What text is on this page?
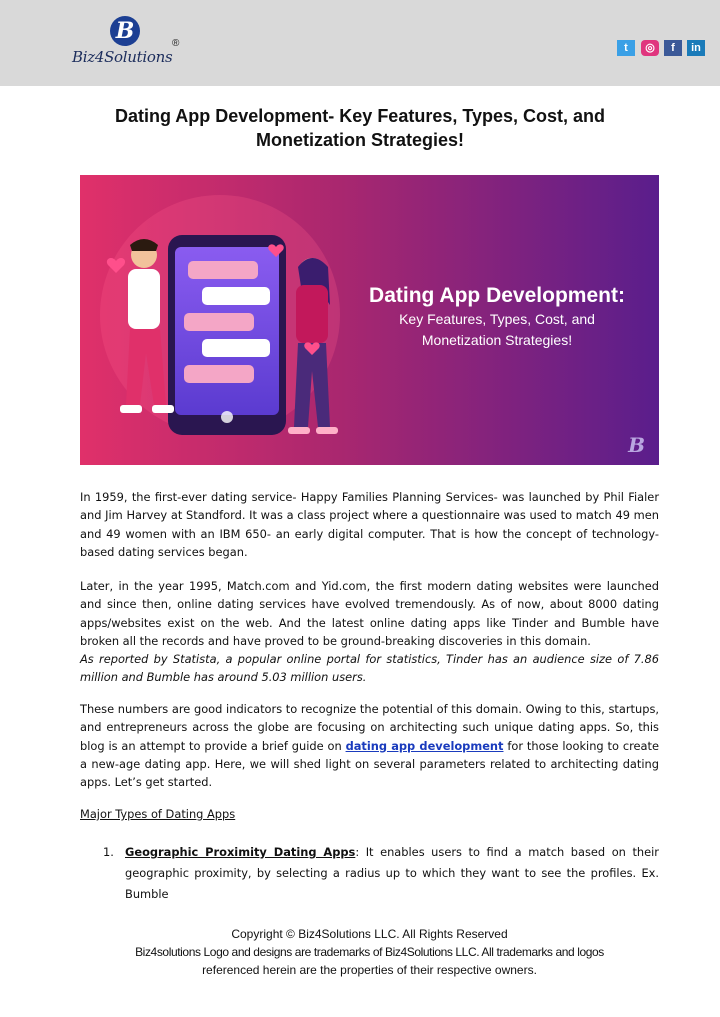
B
Biz4Solutions
®	t	◎	f	in
Dating App Development- Key Features, Types, Cost, and Monetization Strategies!
Dating App Development:
Key Features, Types, Cost, and
Monetization Strategies!
B

In 1959, the first-ever dating service- Happy Families Planning Services- was launched by Phil Fialer and Jim Harvey at Standford. It was a class project where a questionnaire was used to match 49 men and 49 women with an IBM 650- an early digital computer. That is how the concept of technology-based dating services began.

Later, in the year 1995, Match.com and Yid.com, the first modern dating websites were launched and since then, online dating services have evolved tremendously. As of now, about 8000 dating apps/websites exist on the web. And the latest online dating apps like Tinder and Bumble have broken all the records and have proved to be ground-breaking discoveries in this domain.
As reported by Statista, a popular online portal for statistics, Tinder has an audience size of 7.86 million and Bumble has around 5.03 million users.

These numbers are good indicators to recognize the potential of this domain. Owing to this, startups, and entrepreneurs across the globe are focusing on architecting such unique dating apps. So, this blog is an attempt to provide a brief guide on dating app development for those looking to create a new-age dating app. Here, we will shed light on several parameters related to architecting dating apps. Let’s get started.

Major Types of Dating Apps

1. Geographic Proximity Dating Apps: It enables users to find a match based on their geographic proximity, by selecting a radius up to which they want to see the profiles. Ex. Bumble
Copyright © Biz4Solutions LLC. All Rights Reserved
Biz4solutions Logo and designs are trademarks of Biz4Solutions LLC. All trademarks and logos
referenced herein are the properties of their respective owners.
